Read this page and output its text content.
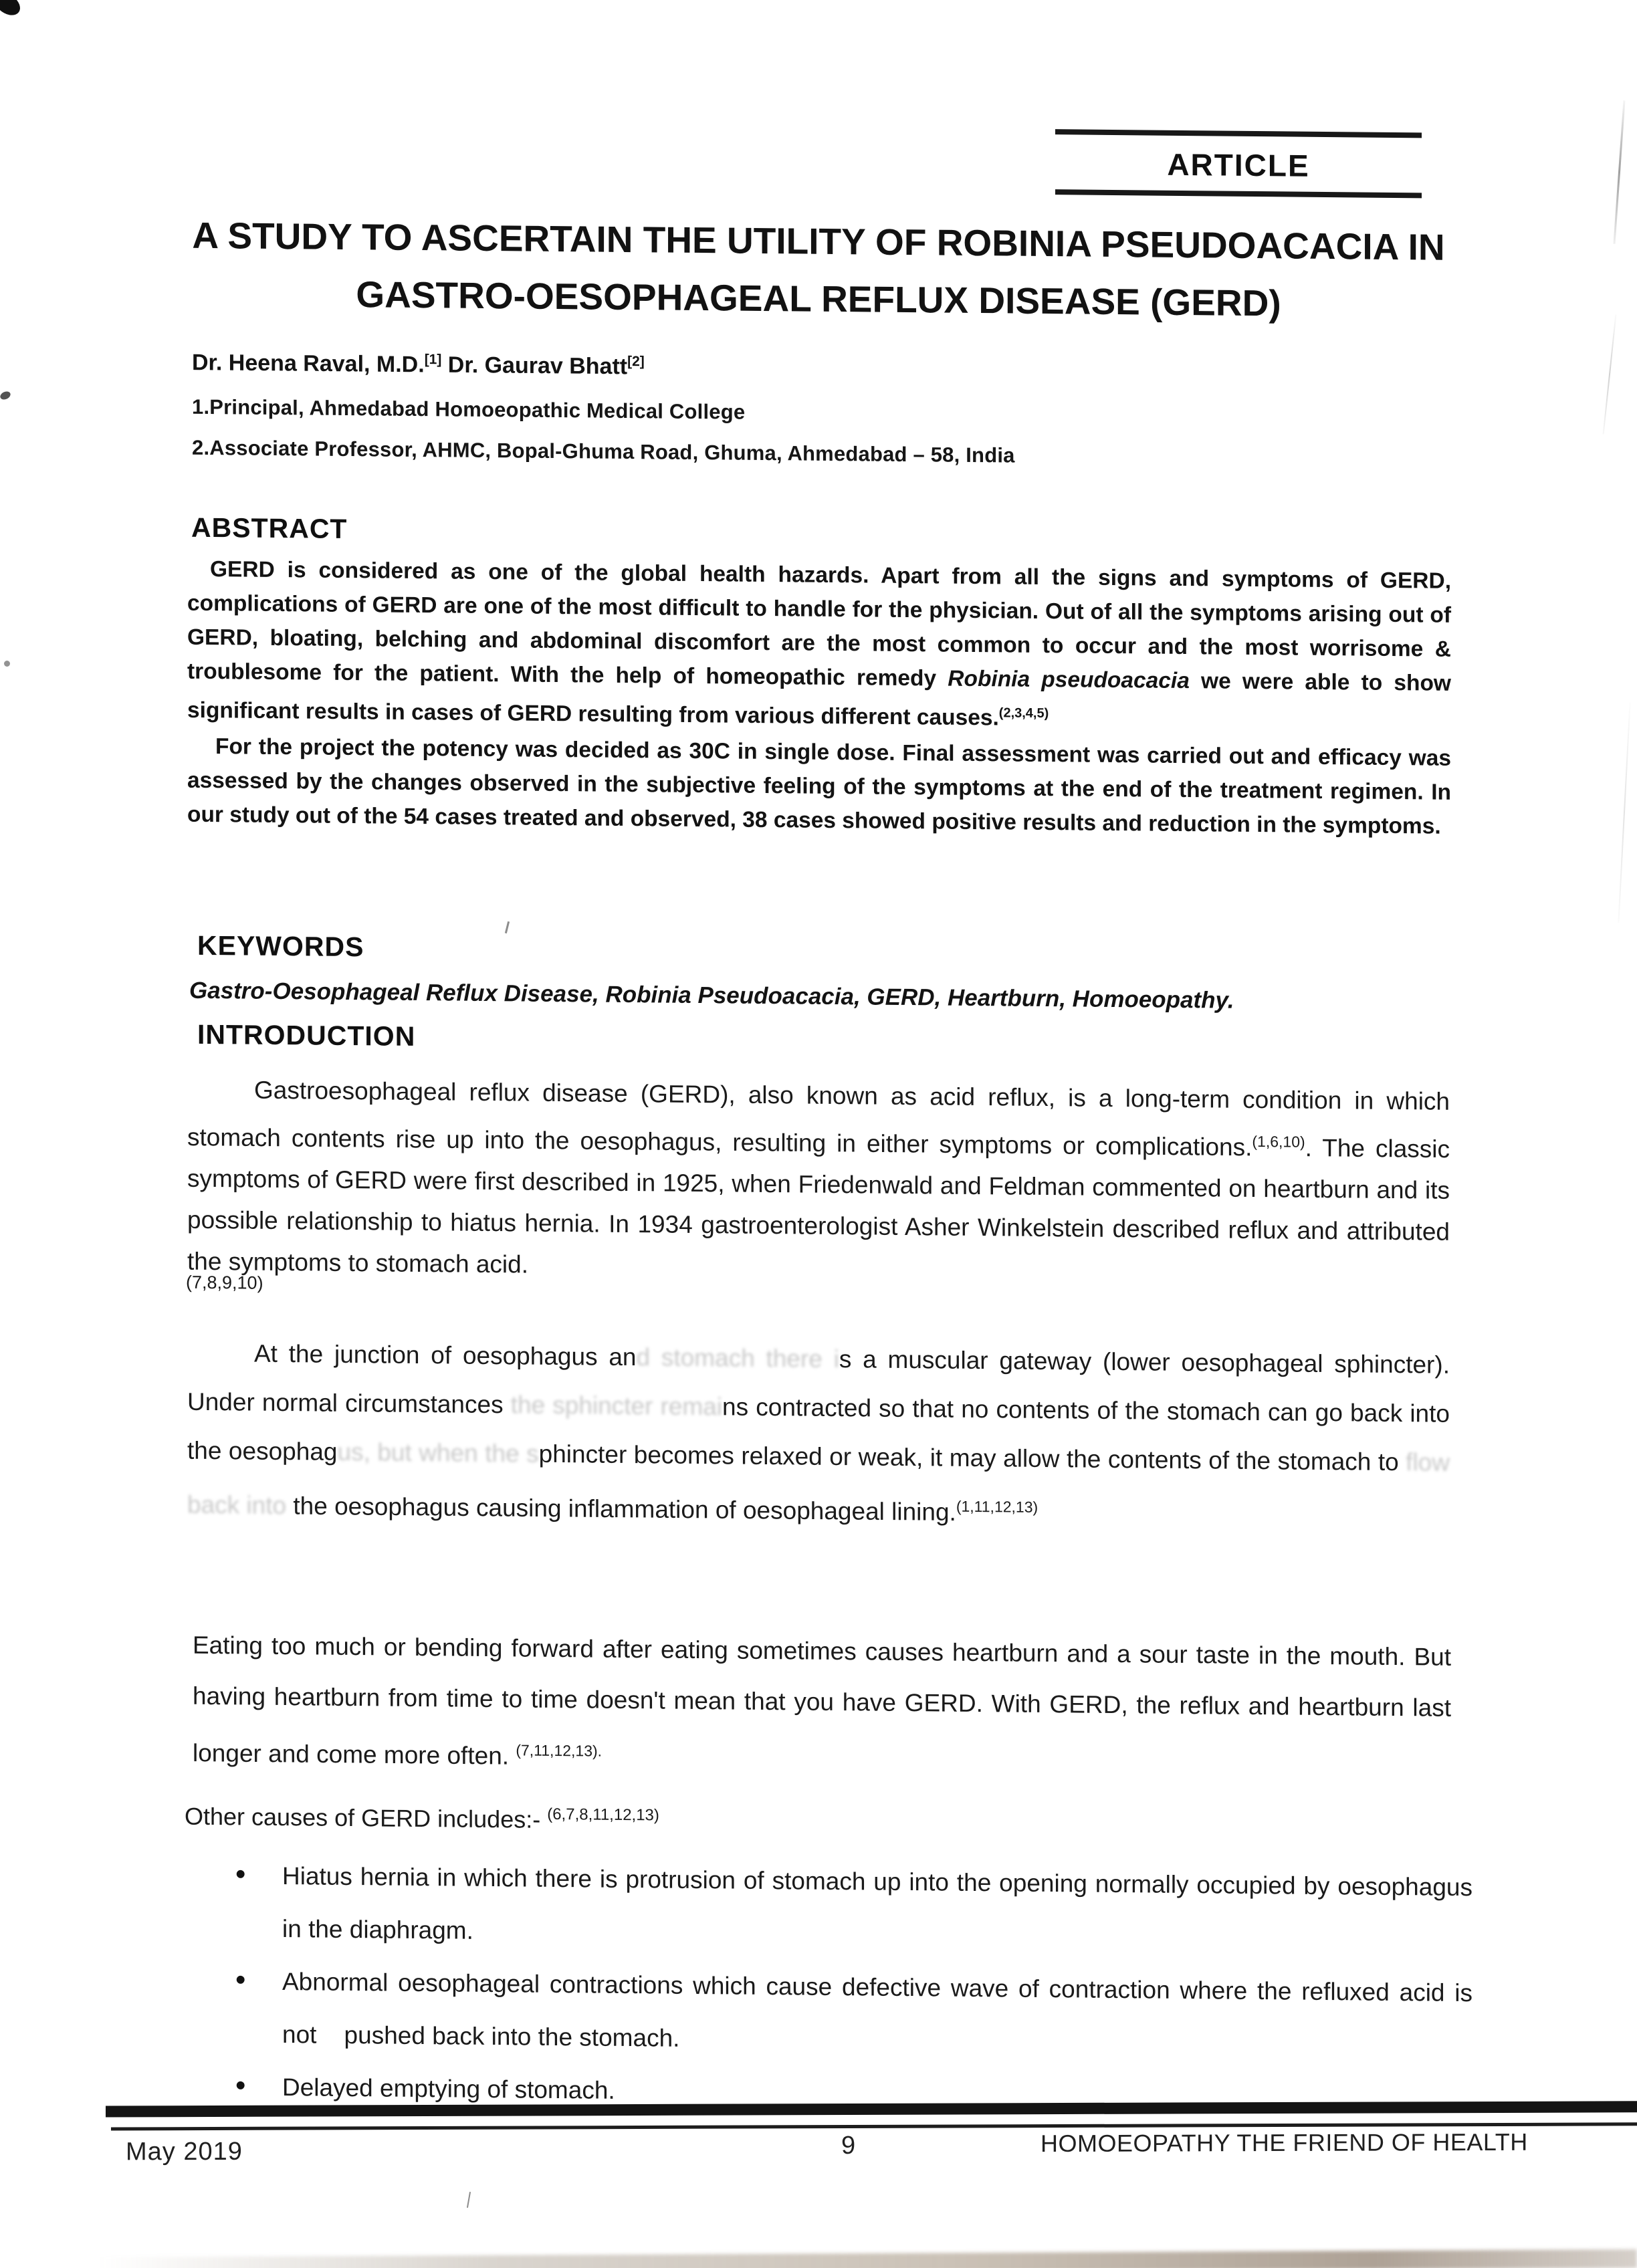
ARTICLE
A STUDY TO ASCERTAIN THE UTILITY OF ROBINIA PSEUDOACACIA IN
GASTRO-OESOPHAGEAL REFLUX DISEASE (GERD)
Dr. Heena Raval, M.D.[1] Dr. Gaurav Bhatt[2]
1.Principal, Ahmedabad Homoeopathic Medical College
2.Associate Professor, AHMC, Bopal-Ghuma Road, Ghuma, Ahmedabad – 58, India
ABSTRACT

GERD is considered as one of the global health hazards. Apart from all the signs and symptoms of GERD, complications of GERD are one of the most difficult to handle for the physician. Out of all the symptoms arising out of GERD, bloating, belching and abdominal discomfort are the most common to occur and the most worrisome & troublesome for the patient. With the help of homeopathic remedy Robinia pseudoacacia we were able to show significant results in cases of GERD resulting from various different causes.$^{(2,3,4,5)}$

For the project the potency was decided as 30C in single dose. Final assessment was carried out and efficacy was assessed by the changes observed in the subjective feeling of the symptoms at the end of the treatment regimen. In our study out of the 54 cases treated and observed, 38 cases showed positive results and reduction in the symptoms.

KEYWORDS

Gastro-Oesophageal Reflux Disease, Robinia Pseudoacacia, GERD, Heartburn, Homoeopathy.

INTRODUCTION

Gastroesophageal reflux disease (GERD), also known as acid reflux, is a long-term condition in which stomach contents rise up into the oesophagus, resulting in either symptoms or complications.$^{(1,6,10)}$. The classic symptoms of GERD were first described in 1925, when Friedenwald and Feldman commented on heartburn and its possible relationship to hiatus hernia. In 1934 gastroenterologist Asher Winkelstein described reflux and attributed the symptoms to stomach acid.

(7,8,9,10)

At the junction of oesophagus and stomach there is a muscular gateway (lower oesophageal sphincter). Under normal circumstances the sphincter remains contracted so that no contents of the stomach can go back into the oesophagus, but when the sphincter becomes relaxed or weak, it may allow the contents of the stomach to flow back into the oesophagus causing inflammation of oesophageal lining.$^{(1,11,12,13)}$

Eating too much or bending forward after eating sometimes causes heartburn and a sour taste in the mouth. But having heartburn from time to time doesn't mean that you have GERD. With GERD, the reflux and heartburn last longer and come more often. $^{(7,11,12,13).}$

Other causes of GERD includes:- $^{(6,7,8,11,12,13)}$
• Hiatus hernia in which there is protrusion of stomach up into the opening normally occupied by oesophagus in the diaphragm.
• Abnormal oesophageal contractions which cause defective wave of contraction where the refluxed acid is not    pushed back into the stomach.
• Delayed emptying of stomach.
May 2019	9	HOMOEOPATHY THE FRIEND OF HEALTH
